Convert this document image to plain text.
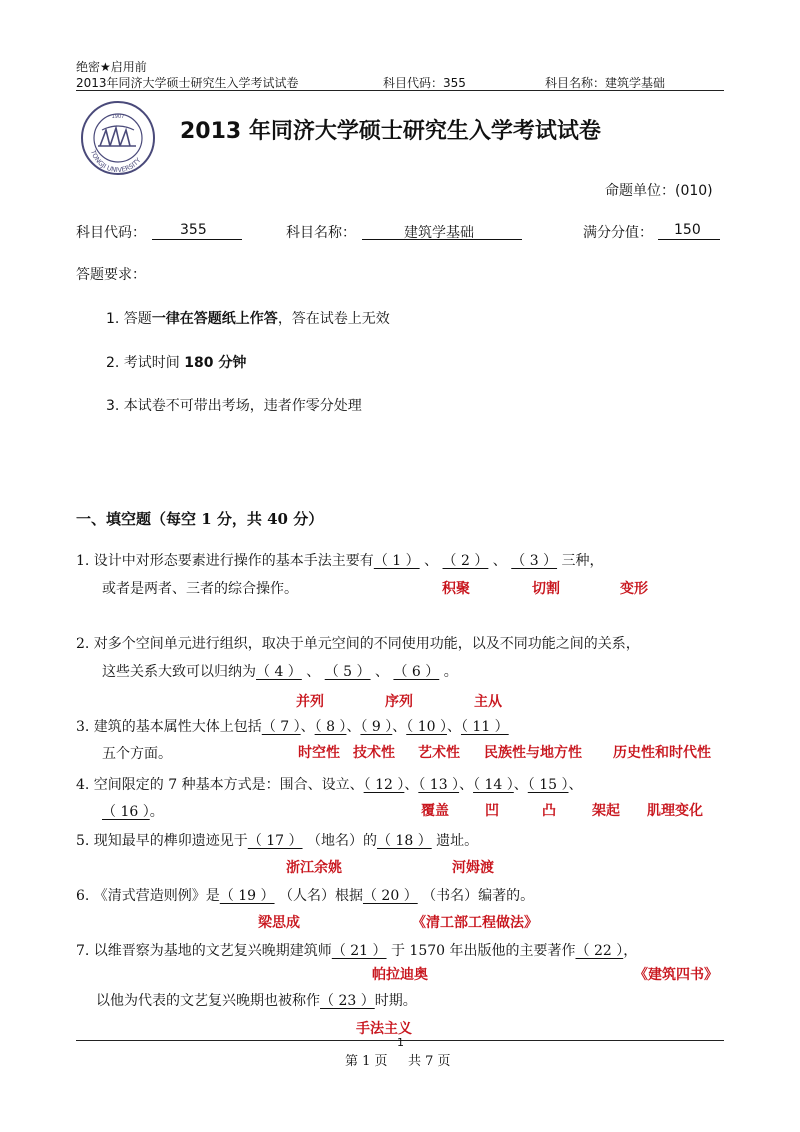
绝密★启用前
2013年同济大学硕士研究生入学考试试卷	科目代码：355	科目名称：建筑学基础
1907
TONGJI UNIVERSITY
2013 年同济大学硕士研究生入学考试试卷
命题单位：(010)
科目代码：	355	科目名称：	建筑学基础	满分分值：	150
答题要求：
1. 答题一律在答题纸上作答，答在试卷上无效
2. 考试时间 180 分钟
3. 本试卷不可带出考场，违者作零分处理
一、填空题（每空 1 分，共 40 分）
1. 设计中对形态要素进行操作的基本手法主要有（ 1 ） 、 （ 2 ） 、 （ 3 ） 三种，
或者是两者、三者的综合操作。	积聚	切割	变形
2. 对多个空间单元进行组织，取决于单元空间的不同使用功能，以及不同功能之间的关系，
这些关系大致可以归纳为（ 4 ） 、 （ 5 ） 、 （ 6 ） 。
并列	序列	主从
3. 建筑的基本属性大体上包括（ 7 ）、（ 8 ）、（ 9 ）、（ 10 ）、（ 11 ）
五个方面。	时空性 技术性 艺术性 民族性与地方性 历史性和时代性
4. 空间限定的 7 种基本方式是：围合、设立、（ 12 ）、（ 13 ）、（ 14 ）、（ 15 ）、
（ 16 ）。	覆盖	凹	凸	架起 肌理变化
5. 现知最早的榫卯遗迹见于（ 17 ） （地名）的（ 18 ） 遗址。
浙江余姚	河姆渡
6. 《清式营造则例》是（ 19 ） （人名）根据（ 20 ） （书名）编著的。
梁思成	《清工部工程做法》
7. 以维晋察为基地的文艺复兴晚期建筑师（ 21 ） 于 1570 年出版他的主要著作（ 22 ），
帕拉迪奥	《建筑四书》
以他为代表的文艺复兴晚期也被称作（ 23 ）时期。
手法主义
1
第 1 页 共 7 页
